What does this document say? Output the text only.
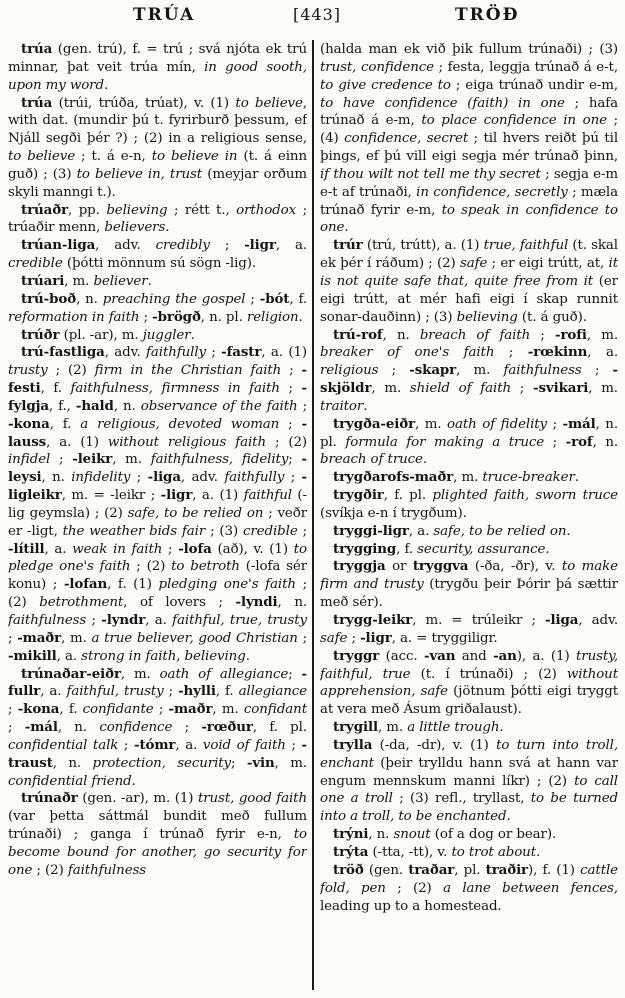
TRÚA	[443]	TRÖÐ

trúa (gen. trú), f. = trú ; svá njóta ek trú minnar, þat veit trúa mín, in good sooth, upon my word.

trúa (trúi, trúða, trúat), v. (1) to believe, with dat. (mundir þú t. fyrirburð þessum, ef Njáll segði þér ?) ; (2) in a religious sense, to believe ; t. á e-n, to believe in (t. á einn guð) ; (3) to believe in, trust (meyjar orðum skyli manngi t.).

trúaðr, pp. believing ; rétt t., orthodox ; trúaðir menn, believers.

trúan-liga, adv. credibly ; -ligr, a. credible (þótti mönnum sú sögn -lig).

trúari, m. believer.

trú-boð, n. preaching the gospel ; -bót, f. reformation in faith ; -brögð, n. pl. religion.

trúðr (pl. -ar), m. juggler.

trú-fastliga, adv. faithfully ; -fastr, a. (1) trusty ; (2) firm in the Christian faith ; -festi, f. faithfulness, firmness in faith ; -fylgja, f., -hald, n. observance of the faith ; -kona, f. a religious, devoted woman ; -lauss, a. (1) without religious faith ; (2) infidel ; -leikr, m. faithfulness, fidelity; -leysi, n. infidelity ; -liga, adv. faithfully ; -ligleikr, m. = -leikr ; -ligr, a. (1) faithful (-lig geymsla) ; (2) safe, to be relied on ; veðr er -ligt, the weather bids fair ; (3) credible ; -lítill, a. weak in faith ; -lofa (að), v. (1) to pledge one's faith ; (2) to betroth (-lofa sér konu) ; -lofan, f. (1) pledging one's faith ; (2) betrothment, of lovers ; -lyndi, n. faithfulness ; -lyndr, a. faithful, true, trusty ; -maðr, m. a true believer, good Christian ; -mikill, a. strong in faith, believing.

trúnaðar-eiðr, m. oath of allegiance; -fullr, a. faithful, trusty ; -hylli, f. allegiance ; -kona, f. confidante ; -maðr, m. confidant ; -mál, n. confidence ; -rœður, f. pl. confidential talk ; -tómr, a. void of faith ; -traust, n. protection, security; -vin, m. confidential friend.

trúnaðr (gen. -ar), m. (1) trust, good faith (var þetta sáttmál bundit með fullum trúnaði) ; ganga í trúnað fyrir e-n, to become bound for another, go security for one ; (2) faithfulness

(halda man ek við þik fullum trúnaði) ; (3) trust, confidence ; festa, leggja trúnað á e-t, to give credence to ; eiga trúnað undir e-m, to have confidence (faith) in one ; hafa trúnað á e-m, to place confidence in one ; (4) confidence, secret ; til hvers reiðt þú til þings, ef þú vill eigi segja mér trúnað þinn, if thou wilt not tell me thy secret ; segja e-m e-t af trúnaði, in confidence, secretly ; mæla trúnað fyrir e-m, to speak in confidence to one.

trúr (trú, trútt), a. (1) true, faithful (t. skal ek þér í ráðum) ; (2) safe ; er eigi trútt, at, it is not quite safe that, quite free from it (er eigi trútt, at mér hafi eigi í skap runnit sonar-dauðinn) ; (3) believing (t. á guð).

trú-rof, n. breach of faith ; -rofi, m. breaker of one's faith ; -rœkinn, a. religious ; -skapr, m. faithfulness ; -skjöldr, m. shield of faith ; -svikari, m. traitor.

trygða-eiðr, m. oath of fidelity ; -mál, n. pl. formula for making a truce ; -rof, n. breach of truce.

trygðarofs-maðr, m. truce-breaker.

trygðir, f. pl. plighted faith, sworn truce (svíkja e-n í trygðum).

tryggi-ligr, a. safe, to be relied on.

trygging, f. security, assurance.

tryggja or tryggva (-ða, -ðr), v. to make firm and trusty (trygðu þeir Þórir þá sættir með sér).

trygg-leikr, m. = trúleikr ; -liga, adv. safe ; -ligr, a. = tryggiligr.

tryggr (acc. -van and -an), a. (1) trusty, faithful, true (t. í trúnaði) ; (2) without apprehension, safe (jötnum þótti eigi tryggt at vera með Ásum griðalaust).

trygill, m. a little trough.

trylla (-da, -dr), v. (1) to turn into troll, enchant (þeir trylldu hann svá at hann var engum mennskum manni líkr) ; (2) to call one a troll ; (3) refl., tryllast, to be turned into a troll, to be enchanted.

trýni, n. snout (of a dog or bear).

trýta (-tta, -tt), v. to trot about.

tröð (gen. traðar, pl. traðir), f. (1) cattle fold, pen ; (2) a lane between fences, leading up to a homestead.
